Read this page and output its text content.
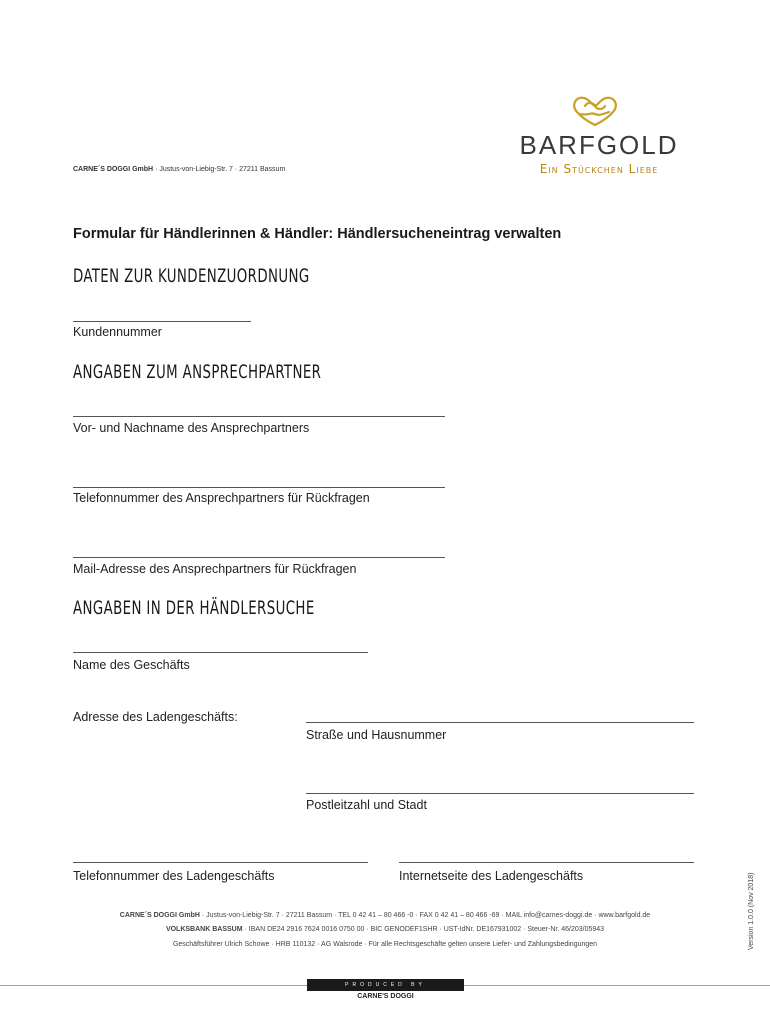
CARNE´S DOGGI GmbH · Justus-von-Liebig-Str. 7 · 27211 Bassum
BARFGOLD
Ein Stückchen Liebe
Formular für Händlerinnen & Händler: Händlersucheneintrag verwalten
DATEN ZUR KUNDENZUORDNUNG
Kundennummer
ANGABEN ZUM ANSPRECHPARTNER
Vor- und Nachname des Ansprechpartners
Telefonnummer des Ansprechpartners für Rückfragen
Mail-Adresse des Ansprechpartners für Rückfragen
ANGABEN IN DER HÄNDLERSUCHE
Name des Geschäfts
Adresse des Ladengeschäfts:
Straße und Hausnummer
Postleitzahl und Stadt
Telefonnummer des Ladengeschäfts	Internetseite des Ladengeschäfts	Version 1.0.0 (Nov 2018)
CARNE´S DOGGI GmbH · Justus-von-Liebig-Str. 7 · 27211 Bassum · TEL 0 42 41 – 80 466 -0 · FAX 0 42 41 – 80 466 -69 · MAIL info@carnes-doggi.de · www.barfgold.de
VOLKSBANK BASSUM · IBAN DE24 2916 7624 0016 0750 00 · BIC GENODEF1SHR · UST-IdNr. DE167931002 · Steuer-Nr. 46/203/05943
Geschäftsführer Ulrich Schowe · HRB 110132 · AG Walsrode · Für alle Rechtsgeschäfte gelten unsere Liefer- und Zahlungsbedingungen
PRODUCED BY
CARNE'S DOGGI
